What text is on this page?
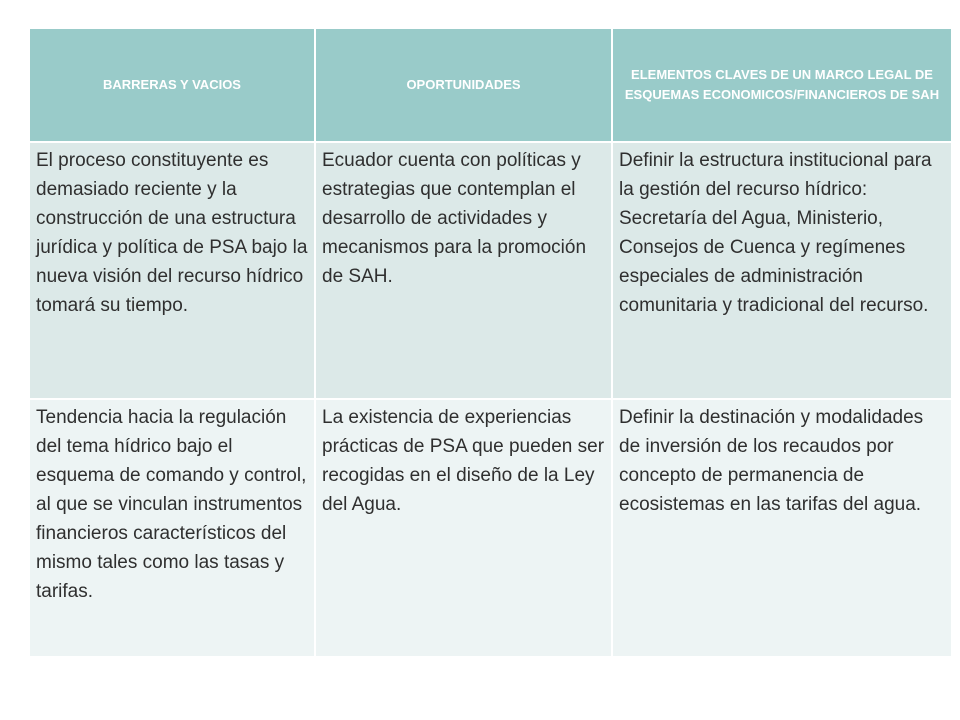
BARRERAS Y VACIOS	OPORTUNIDADES	ELEMENTOS CLAVES DE UN MARCO LEGAL DE ESQUEMAS ECONOMICOS/FINANCIEROS DE SAH
El proceso constituyente es demasiado reciente y la construcción de una estructura jurídica y política de PSA bajo la nueva visión del recurso hídrico tomará su tiempo.	Ecuador cuenta con políticas y estrategias que contemplan el desarrollo de actividades y mecanismos para la promoción de SAH.	Definir la estructura institucional para la gestión del recurso hídrico: Secretaría del Agua, Ministerio, Consejos de Cuenca y regímenes especiales de administración comunitaria y tradicional del recurso.
Tendencia hacia la regulación del tema hídrico bajo el esquema de comando y control, al que se vinculan instrumentos financieros característicos del mismo tales como las tasas y tarifas.	La existencia de experiencias prácticas de PSA que pueden ser recogidas en el diseño de la Ley del Agua.	Definir la destinación y modalidades de inversión de los recaudos por concepto de permanencia de ecosistemas en las tarifas del agua.
